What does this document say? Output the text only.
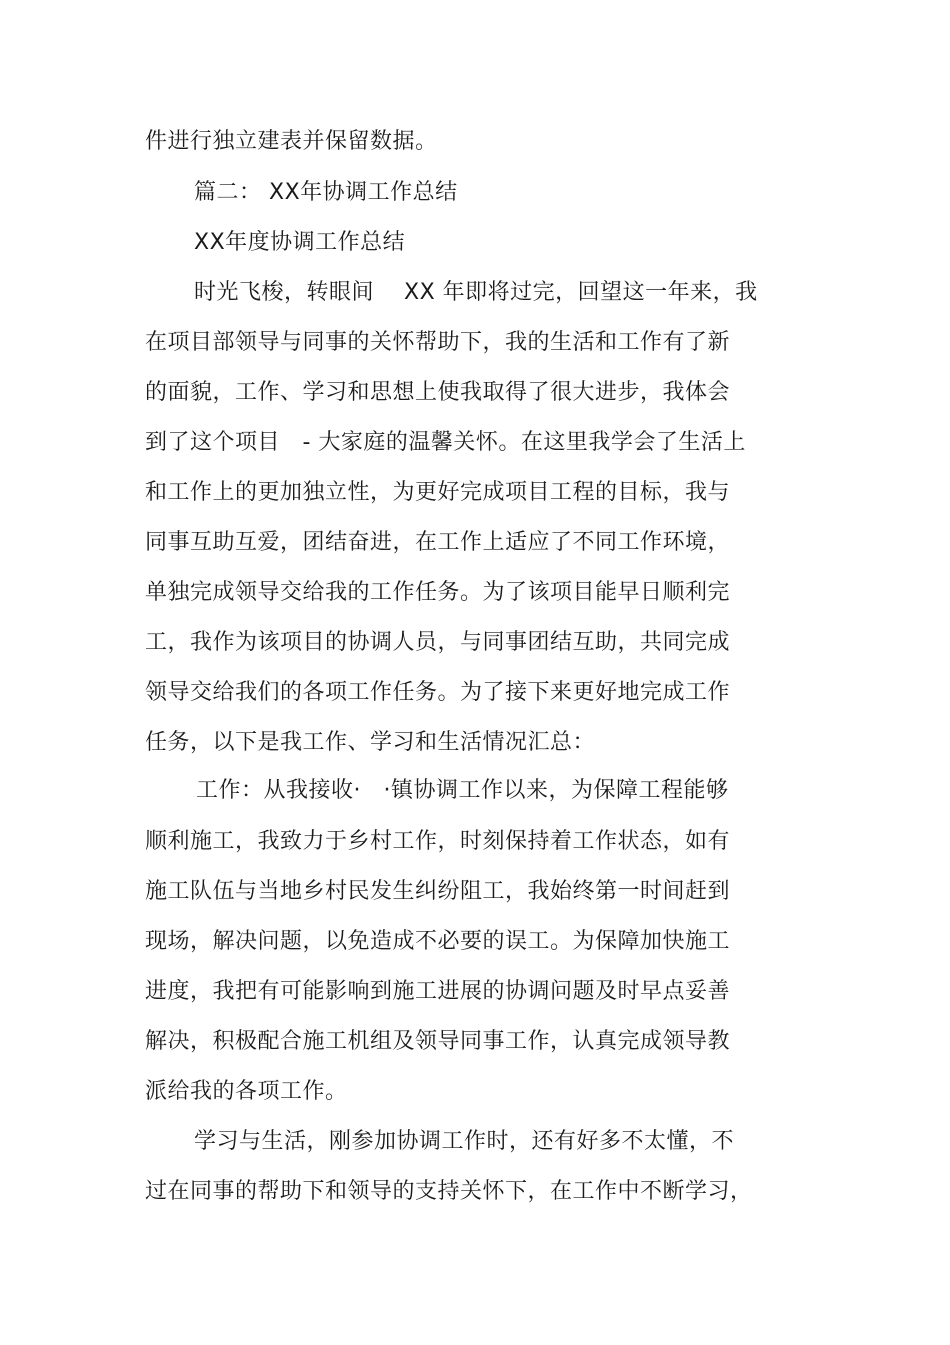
件进行独立建表并保留数据。
篇二： XX年协调工作总结
XX年度协调工作总结
时光飞梭，转眼间　 XX 年即将过完，回望这一年来，我
在项目部领导与同事的关怀帮助下，我的生活和工作有了新
的面貌，工作、学习和思想上使我取得了很大进步，我体会
到了这个项目　- 大家庭的温馨关怀。在这里我学会了生活上
和工作上的更加独立性，为更好完成项目工程的目标，我与
同事互助互爱，团结奋进，在工作上适应了不同工作环境，
单独完成领导交给我的工作任务。为了该项目能早日顺利完
工，我作为该项目的协调人员，与同事团结互助，共同完成
领导交给我们的各项工作任务。为了接下来更好地完成工作
任务，以下是我工作、学习和生活情况汇总：
工作：从我接收·　·镇协调工作以来，为保障工程能够
顺利施工，我致力于乡村工作，时刻保持着工作状态，如有
施工队伍与当地乡村民发生纠纷阻工，我始终第一时间赶到
现场，解决问题，以免造成不必要的误工。为保障加快施工
进度，我把有可能影响到施工进展的协调问题及时早点妥善
解决，积极配合施工机组及领导同事工作，认真完成领导教
派给我的各项工作。
学习与生活，刚参加协调工作时，还有好多不太懂，不
过在同事的帮助下和领导的支持关怀下，在工作中不断学习，
